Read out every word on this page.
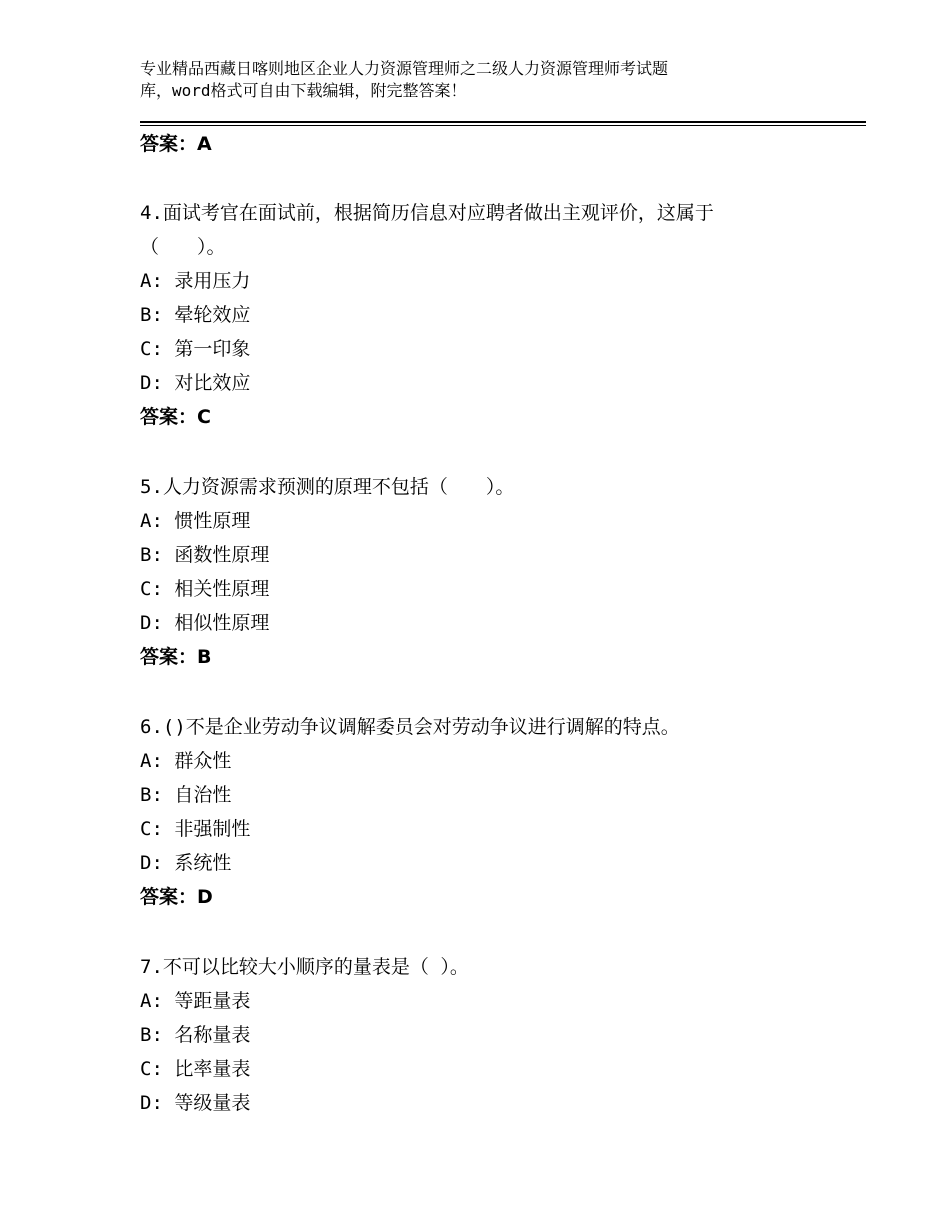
专业精品西藏日喀则地区企业人力资源管理师之二级人力资源管理师考试题
库，word格式可自由下载编辑，附完整答案！
答案：A
4.面试考官在面试前，根据简历信息对应聘者做出主观评价，这属于
（　　）。
A: 录用压力
B: 晕轮效应
C: 第一印象
D: 对比效应
答案：C
5.人力资源需求预测的原理不包括（　　）。
A: 惯性原理
B: 函数性原理
C: 相关性原理
D: 相似性原理
答案：B
6.()不是企业劳动争议调解委员会对劳动争议进行调解的特点。
A: 群众性
B: 自治性
C: 非强制性
D: 系统性
答案：D
7.不可以比较大小顺序的量表是（ ）。
A: 等距量表
B: 名称量表
C: 比率量表
D: 等级量表
